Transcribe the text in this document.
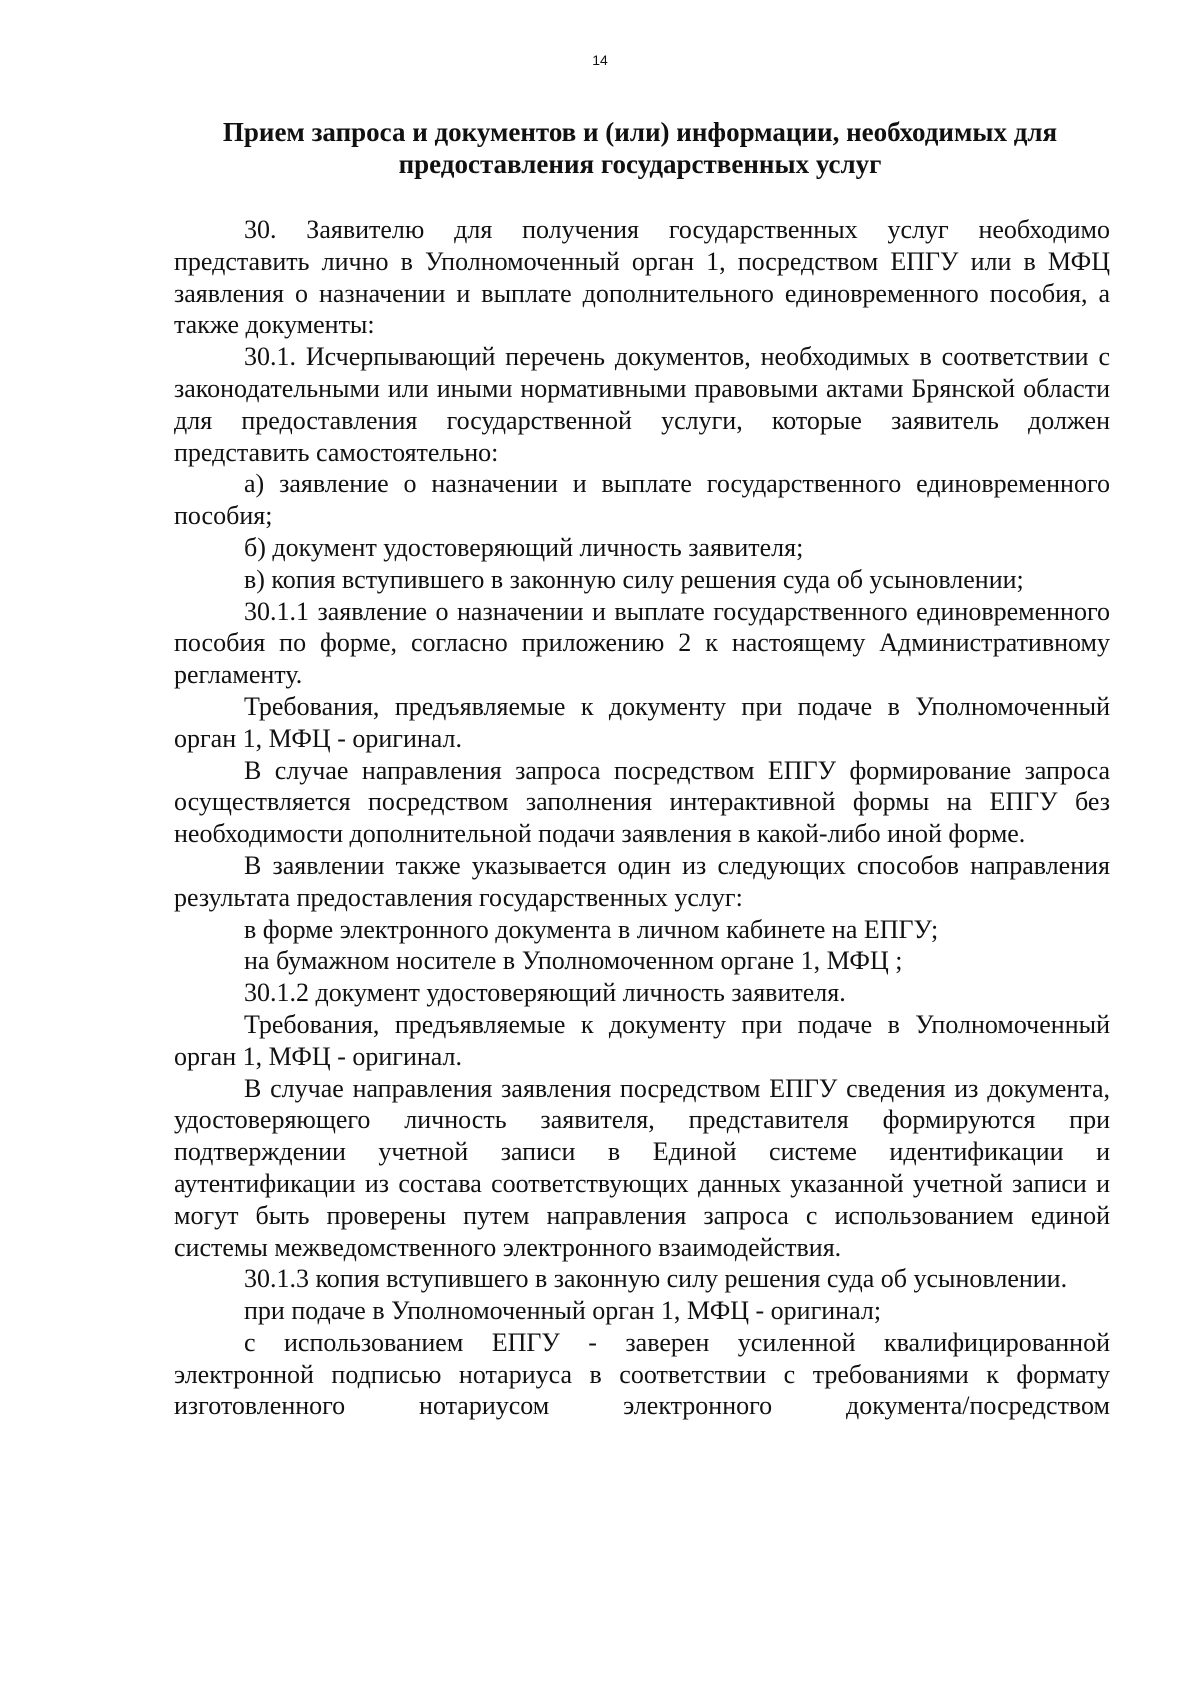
14
Прием запроса и документов и (или) информации, необходимых для предоставления государственных услуг

30. Заявителю для получения государственных услуг необходимо представить лично в Уполномоченный орган 1, посредством ЕПГУ или в МФЦ заявления о назначении и выплате дополнительного единовременного пособия, а также документы:

30.1. Исчерпывающий перечень документов, необходимых в соответствии с законодательными или иными нормативными правовыми актами Брянской области для предоставления государственной услуги, которые заявитель должен представить самостоятельно:

а) заявление о назначении и выплате государственного единовременного пособия;

б) документ удостоверяющий личность заявителя;

в) копия вступившего в законную силу решения суда об усыновлении;

30.1.1 заявление о назначении и выплате государственного единовременного пособия по форме, согласно приложению 2 к настоящему Административному регламенту.

Требования, предъявляемые к документу при подаче в Уполномоченный орган 1, МФЦ - оригинал.

В случае направления запроса посредством ЕПГУ формирование запроса осуществляется посредством заполнения интерактивной формы на ЕПГУ без необходимости дополнительной подачи заявления в какой-либо иной форме.

В заявлении также указывается один из следующих способов направления результата предоставления государственных услуг:

в форме электронного документа в личном кабинете на ЕПГУ;

на бумажном носителе в Уполномоченном органе 1, МФЦ ;

30.1.2 документ удостоверяющий личность заявителя.

Требования, предъявляемые к документу при подаче в Уполномоченный орган 1, МФЦ - оригинал.

В случае направления заявления посредством ЕПГУ сведения из документа, удостоверяющего личность заявителя, представителя формируются при подтверждении учетной записи в Единой системе идентификации и аутентификации из состава соответствующих данных указанной учетной записи и могут быть проверены путем направления запроса с использованием единой системы межведомственного электронного взаимодействия.

30.1.3 копия вступившего в законную силу решения суда об усыновлении.

при подаче в Уполномоченный орган 1, МФЦ - оригинал;

с использованием ЕПГУ - заверен усиленной квалифицированной электронной подписью нотариуса в соответствии с требованиями к формату изготовленного нотариусом электронного документа/посредством
